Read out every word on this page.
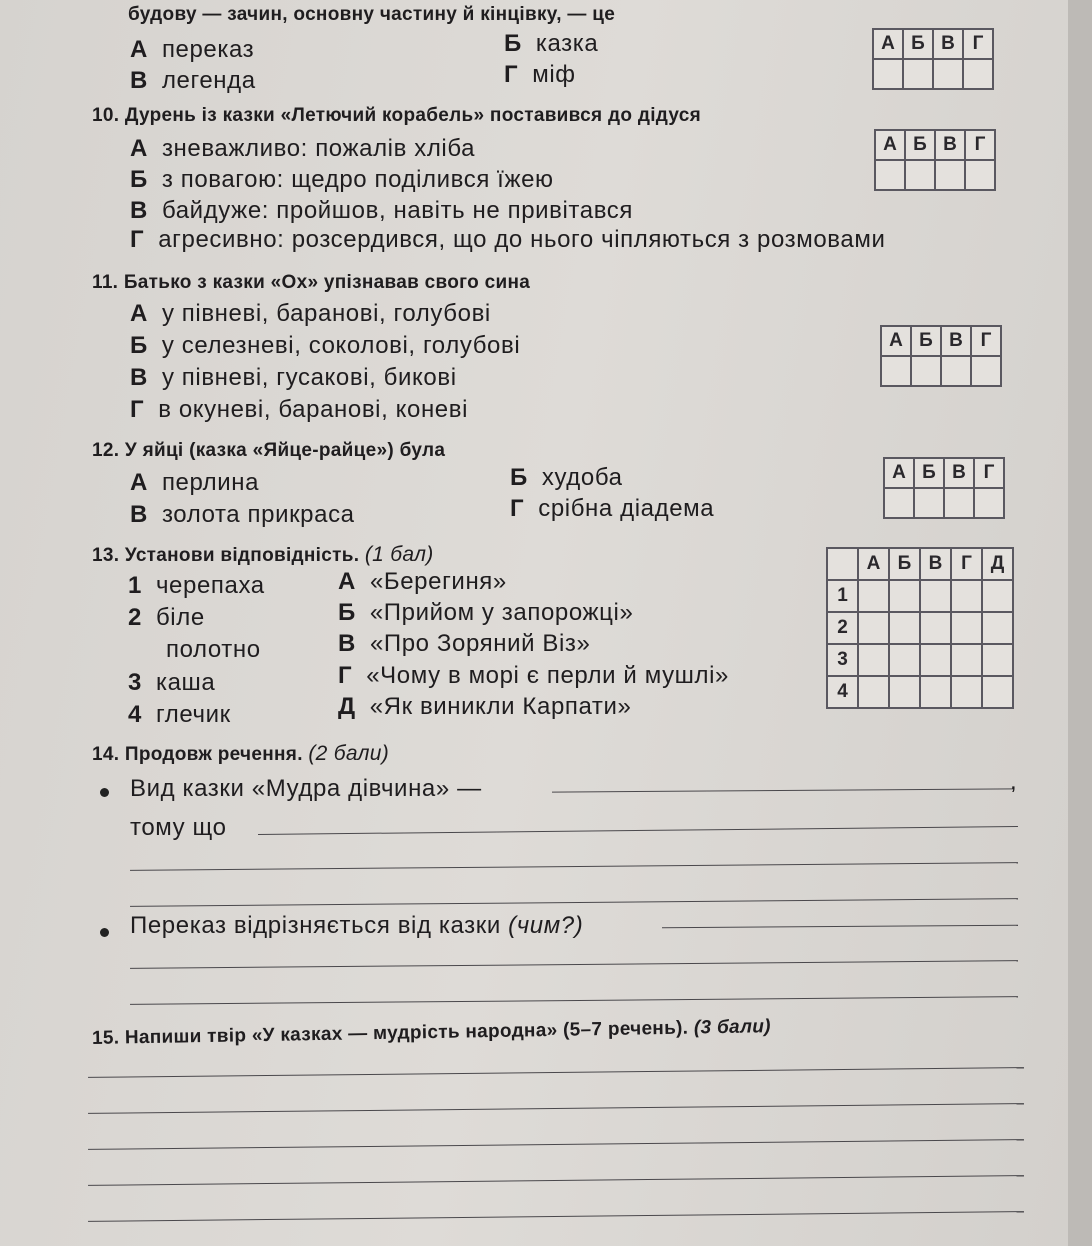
будову — зачин, основну частину й кінцівку, — це
А переказ	Б казка
В легенда	Г міф
А	Б	В	Г

10. Дурень із казки «Летючий корабель» поставився до дідуся
А зневажливо: пожалів хліба
Б з повагою: щедро поділився їжею
В байдуже: пройшов, навіть не привітався
Г агресивно: розсердився, що до нього чіпляються з розмовами
А	Б	В	Г

11. Батько з казки «Ох» упізнавав свого сина
А у півневі, баранові, голубові
Б у селезневі, соколові, голубові
В у півневі, гусакові, бикові
Г в окуневі, баранові, коневі
А	Б	В	Г

12. У яйці (казка «Яйце-райце») була
А перлина	Б худоба
В золота прикраса	Г срібна діадема
А	Б	В	Г

13. Установи відповідність. (1 бал)
1 черепаха
2 біле
полотно
3 каша
4 глечик
А «Берегиня»
Б «Прийом у запорожці»
В «Про Зоряний Віз»
Г «Чому в морі є перли й мушлі»
Д «Як виникли Карпати»
	А	Б	В	Г	Д
1					
2					
3					
4					
14. Продовж речення. (2 бали)
Вид казки «Мудра дівчина» —	,
тому що
Переказ відрізняється від казки (чим?)
15. Напиши твір «У казках — мудрість народна» (5–7 речень). (3 бали)
